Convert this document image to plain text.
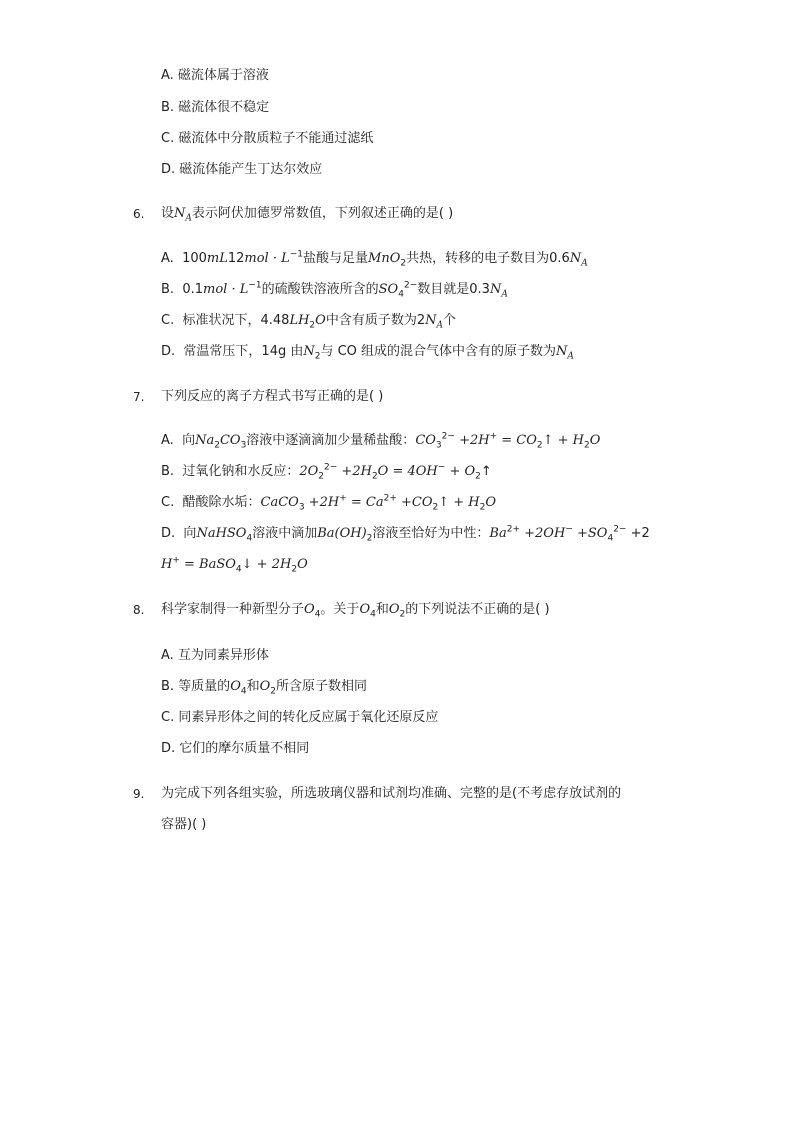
A. 磁流体属于溶液
B. 磁流体很不稳定
C. 磁流体中分散质粒子不能通过滤纸
D. 磁流体能产生丁达尔效应
6. 设$N_A$表示阿伏加德罗常数值，下列叙述正确的是( )
A. $100mL12mol \cdot L^{-1}$盐酸与足量MnO$_2$共热，转移的电子数目为$0.6N_A$
B. $0.1mol \cdot L^{-1}$的硫酸铁溶液所含的$SO_4^{2-}$数目就是$0.3N_A$
C. 标准状况下，$4.48LH_2O$中含有质子数为$2N_A$个
D. 常温常压下，14g 由$N_2$与 CO 组成的混合气体中含有的原子数为$N_A$
7. 下列反应的离子方程式书写正确的是( )
A. 向$Na_2CO_3$溶液中逐滴滴加少量稀盐酸：$CO_3^{2-} +2H^+$ = $CO_2↑ + H_2O$
B. 过氧化钠和水反应：$2O_2^{2-} +2H_2O = 4OH^-$ + $O_2↑$
C. 醋酸除水垢：CaCO$_3$ $+2H^+ = Ca^{2+}$ $+CO_2↑ + H_2O$
D. 向NaHSO$_4$溶液中滴加$Ba(OH)_2$溶液至恰好为中性：$Ba^{2+} +2OH^- +SO_4^{2-} +2$
H+ = BaSO$_4$↓ + $2H_2O$
8. 科学家制得一种新型分子$O_4$。关于$O_4$和$O_2$的下列说法不正确的是( )
A. 互为同素异形体
B. 等质量的$O_4$和$O_2$所含原子数相同
C. 同素异形体之间的转化反应属于氧化还原反应
D. 它们的摩尔质量不相同
9. 为完成下列各组实验，所选玻璃仪器和试剂均准确、完整的是(不考虑存放试剂的
容器)( )
